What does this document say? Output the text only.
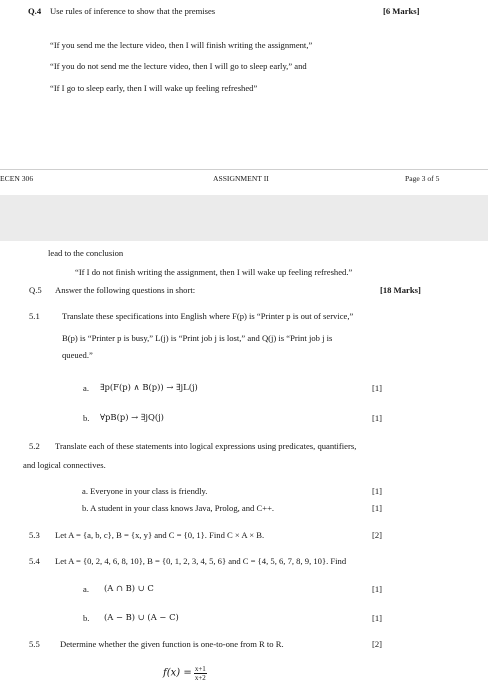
Q.4 Use rules of inference to show that the premises	[6 Marks]
“If you send me the lecture video, then I will finish writing the assignment,”
“If you do not send me the lecture video, then I will go to sleep early,” and
“If I go to sleep early, then I will wake up feeling refreshed”
ECEN 306	ASSIGNMENT II	Page 3 of 5
lead to the conclusion
“If I do not finish writing the assignment, then I will wake up feeling refreshed.”
Q.5 Answer the following questions in short:	[18 Marks]
5.1	Translate these specifications into English where F(p) is “Printer p is out of service,”
B(p) is “Printer p is busy,” L(j) is “Print job j is lost,” and Q(j) is “Print job j is
queued.”
a. ∃p(F(p) ∧ B(p)) → ∃jL(j)	[1]
b. ∀pB(p) → ∃jQ(j)	[1]
5.2 Translate each of these statements into logical expressions using predicates, quantifiers,
and logical connectives.
a. Everyone in your class is friendly.	[1]
b. A student in your class knows Java, Prolog, and C++.	[1]
5.3 Let A = {a, b, c}, B = {x, y} and C = {0, 1}. Find C × A × B.	[2]
5.4 Let A = {0, 2, 4, 6, 8, 10}, B = {0, 1, 2, 3, 4, 5, 6} and C = {4, 5, 6, 7, 8, 9, 10}. Find
a. (A ∩ B) ∪ C	[1]
b. (A − B) ∪ (A − C)	[1]
5.5 Determine whether the given function is one-to-one from R to R.	[2]
$f(x) = \frac{x+1}{x+2}$
